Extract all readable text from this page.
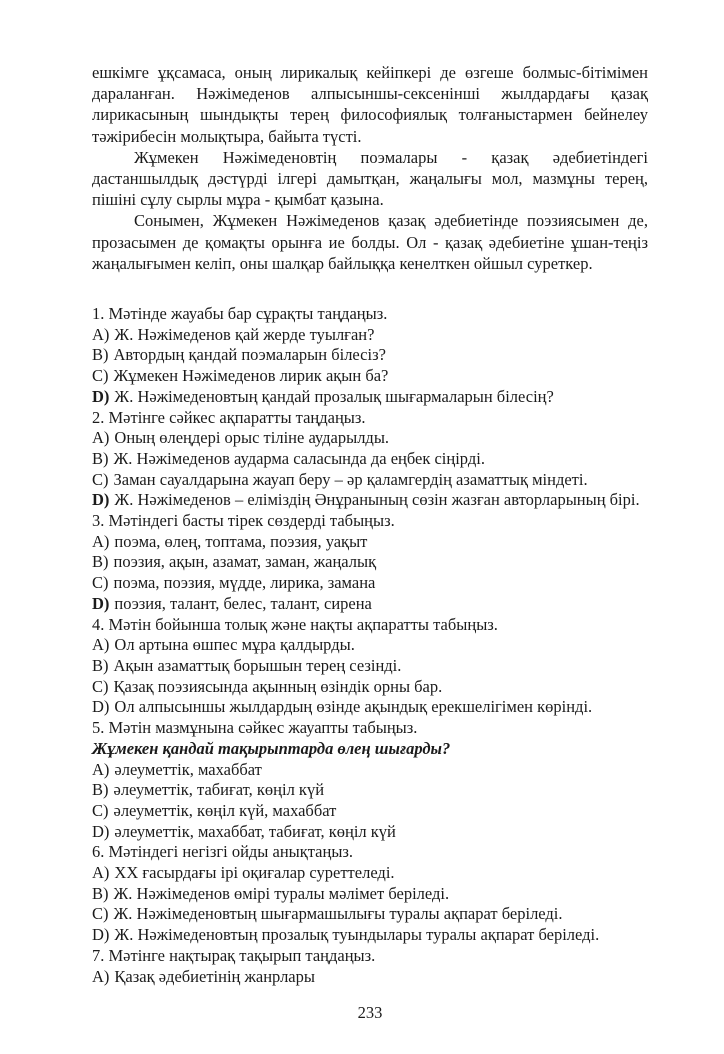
ешкімге ұқсамаса, оның лирикалық кейіпкері де өзгеше болмыс-бітімімен дараланған. Нәжімеденов алпысыншы-сексенінші жылдардағы қазақ лирикасының шындықты терең философиялық толғаныстармен бейнелеу тәжірибесін молықтыра, байыта түсті.

Жұмекен Нәжімеденовтің поэмалары - қазақ әдебиетіндегі дастаншылдық дәстүрді ілгері дамытқан, жаңалығы мол, мазмұны терең, пішіні сұлу сырлы мұра - қымбат қазына.

Сонымен, Жұмекен Нәжімеденов қазақ әдебиетінде поэзиясымен де, прозасымен де қомақты орынға ие болды. Ол - қазақ әдебиетіне ұшан-теңіз жаңалығымен келіп, оны шалқар байлыққа кенелткен ойшыл суреткер.

1. Мәтінде жауабы бар сұрақты таңдаңыз.
A) Ж. Нәжімеденов қай жерде туылған?
B) Автордың қандай поэмаларын білесіз?
C) Жұмекен Нәжімеденов лирик ақын ба?
D) Ж. Нәжімеденовтың қандай прозалық шығармаларын білесің?
2. Мәтінге сәйкес ақпаратты таңдаңыз.
A) Оның өлеңдері орыс тіліне аударылды.
B) Ж. Нәжімеденов аударма саласында да еңбек сіңірді.
C) Заман сауалдарына жауап беру – әр қаламгердің азаматтық міндеті.
D) Ж. Нәжімеденов – еліміздің Әнұранының сөзін жазған авторларының бірі.
3. Мәтіндегі басты тірек сөздерді табыңыз.
A) поэма, өлең, топтама, поэзия, уақыт
B) поэзия, ақын, азамат, заман, жаңалық
C) поэма, поэзия, мүдде, лирика, замана
D) поэзия, талант, белес, талант, сирена
4. Мәтін бойынша толық және нақты ақпаратты табыңыз.
A) Ол артына өшпес мұра қалдырды.
B) Ақын азаматтық борышын терең сезінді.
C) Қазақ поэзиясында ақынның өзіндік орны бар.
D) Ол алпысыншы жылдардың өзінде ақындық ерекшелігімен көрінді.
5. Мәтін мазмұнына сәйкес жауапты табыңыз.
Жұмекен қандай тақырыптарда өлең шығарды?
A) әлеуметтік, махаббат
B) әлеуметтік, табиғат, көңіл күй
C) әлеуметтік, көңіл күй, махаббат
D) әлеуметтік, махаббат, табиғат, көңіл күй
6. Мәтіндегі негізгі ойды анықтаңыз.
A) XX ғасырдағы ірі оқиғалар суреттеледі.
B) Ж. Нәжімеденов өмірі туралы мәлімет беріледі.
C) Ж. Нәжімеденовтың шығармашылығы туралы ақпарат беріледі.
D) Ж. Нәжімеденовтың прозалық туындылары туралы ақпарат беріледі.
7. Мәтінге нақтырақ тақырып таңдаңыз.
A) Қазақ әдебиетінің жанрлары
233
